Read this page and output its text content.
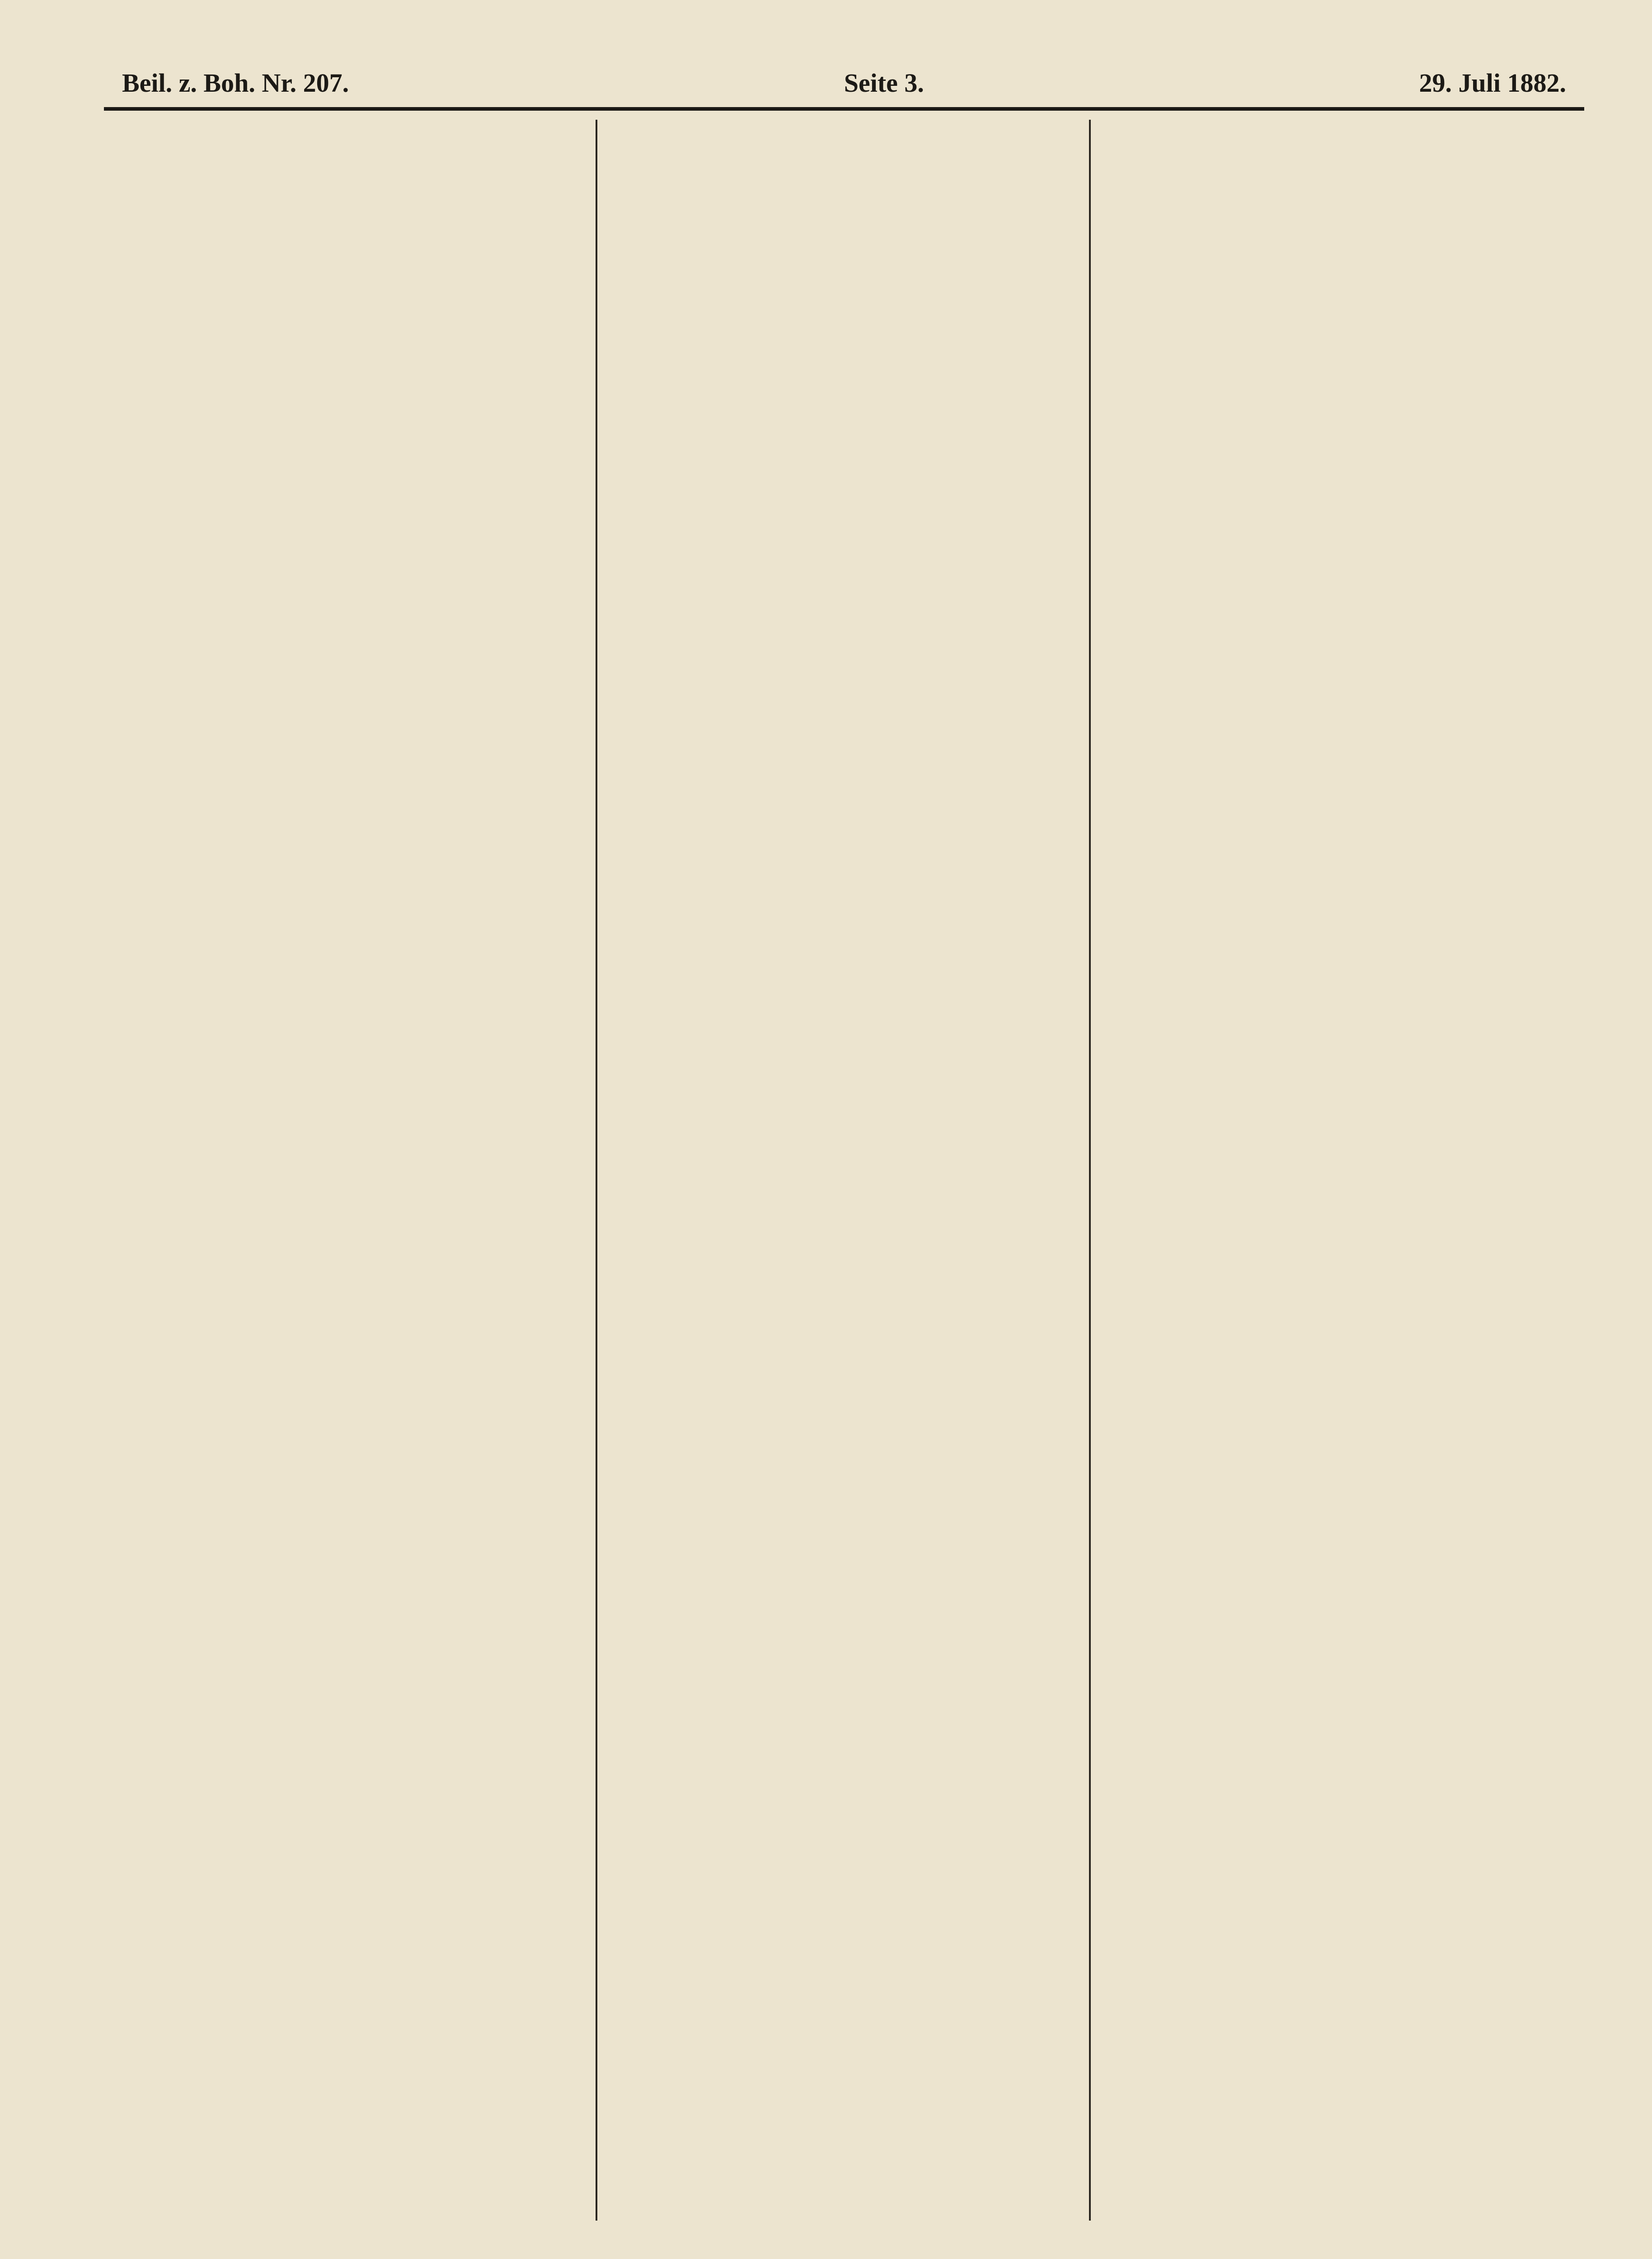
Beil. z. Boh. Nr. 207.	Seite 3.	29. Juli 1882.
